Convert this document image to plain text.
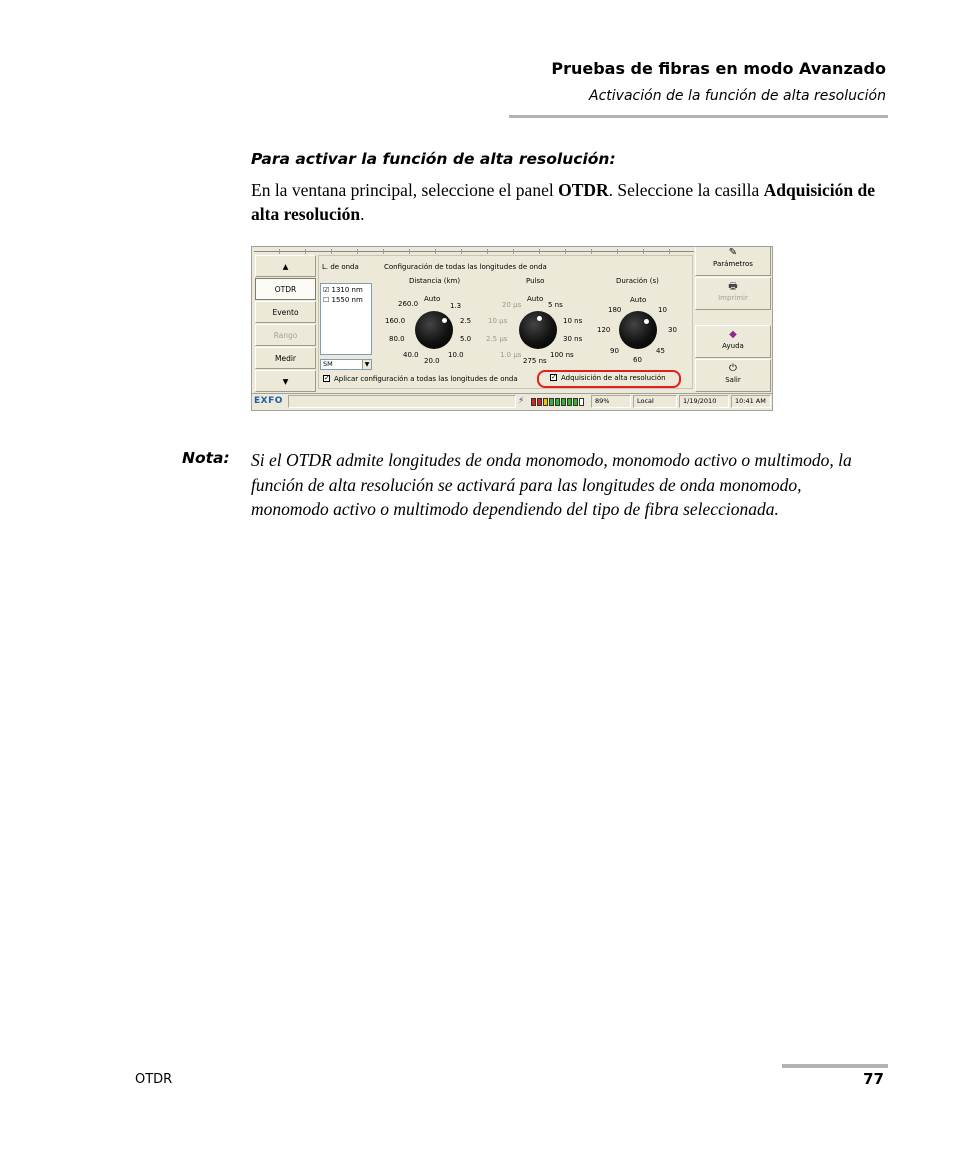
Pruebas de fibras en modo Avanzado
Activación de la función de alta resolución
Para activar la función de alta resolución:
En la ventana principal, seleccione el panel OTDR. Seleccione la casilla Adquisición de alta resolución.
▲
OTDR
Evento
Rango
Medir
▼
L. de onda	Configuración de todas las longitudes de onda
☑ 1310 nm
☐ 1550 nm
SM	▼
Distancia (km)
260.0
Auto
1.3
160.0	2.5
80.0	5.0
40.0
20.0
10.0
Pulso
20 µs
Auto
5 ns
10 µs	10 ns
2.5 µs	30 ns
1.0 µs
275 ns
100 ns
Duración (s)
180
Auto
10
120	30
90
60
45
✓ Aplicar configuración a todas las longitudes de onda	✓ Adquisición de alta resolución
✎
Parámetros
🖶
Imprimir
◆
Ayuda
⏻
Salir
EXFO	⚡	89%	Local	1/19/2010	10:41 AM
Nota: Si el OTDR admite longitudes de onda monomodo, monomodo activo o multimodo, la función de alta resolución se activará para las longitudes de onda monomodo, monomodo activo o multimodo dependiendo del tipo de fibra seleccionada.
OTDR	77
